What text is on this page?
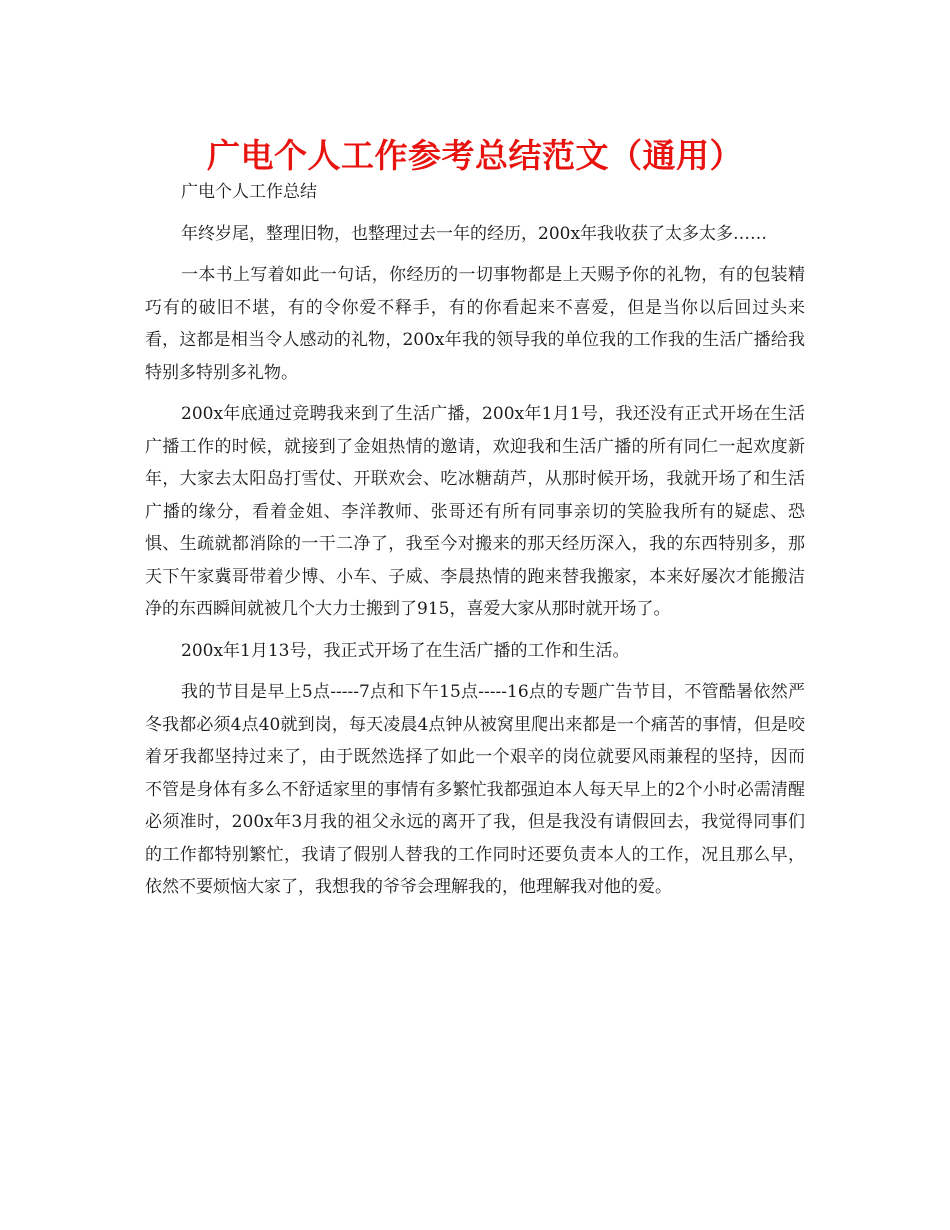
广电个人工作参考总结范文（通用）

广电个人工作总结

年终岁尾，整理旧物，也整理过去一年的经历，200x年我收获了太多太多……

一本书上写着如此一句话，你经历的一切事物都是上天赐予你的礼物，有的包装精巧有的破旧不堪，有的令你爱不释手，有的你看起来不喜爱，但是当你以后回过头来看，这都是相当令人感动的礼物，200x年我的领导我的单位我的工作我的生活广播给我特别多特别多礼物。

200x年底通过竞聘我来到了生活广播，200x年1月1号，我还没有正式开场在生活广播工作的时候，就接到了金姐热情的邀请，欢迎我和生活广播的所有同仁一起欢度新年，大家去太阳岛打雪仗、开联欢会、吃冰糖葫芦，从那时候开场，我就开场了和生活广播的缘分，看着金姐、李洋教师、张哥还有所有同事亲切的笑脸我所有的疑虑、恐惧、生疏就都消除的一干二净了，我至今对搬来的那天经历深入，我的东西特别多，那天下午家冀哥带着少博、小车、子威、李晨热情的跑来替我搬家，本来好屡次才能搬洁净的东西瞬间就被几个大力士搬到了915，喜爱大家从那时就开场了。

200x年1月13号，我正式开场了在生活广播的工作和生活。

我的节目是早上5点-----7点和下午15点-----16点的专题广告节目，不管酷暑依然严冬我都必须4点40就到岗，每天凌晨4点钟从被窝里爬出来都是一个痛苦的事情，但是咬着牙我都坚持过来了，由于既然选择了如此一个艰辛的岗位就要风雨兼程的坚持，因而不管是身体有多么不舒适家里的事情有多繁忙我都强迫本人每天早上的2个小时必需清醒必须准时，200x年3月我的祖父永远的离开了我，但是我没有请假回去，我觉得同事们的工作都特别繁忙，我请了假别人替我的工作同时还要负责本人的工作，况且那么早，依然不要烦恼大家了，我想我的爷爷会理解我的，他理解我对他的爱。
